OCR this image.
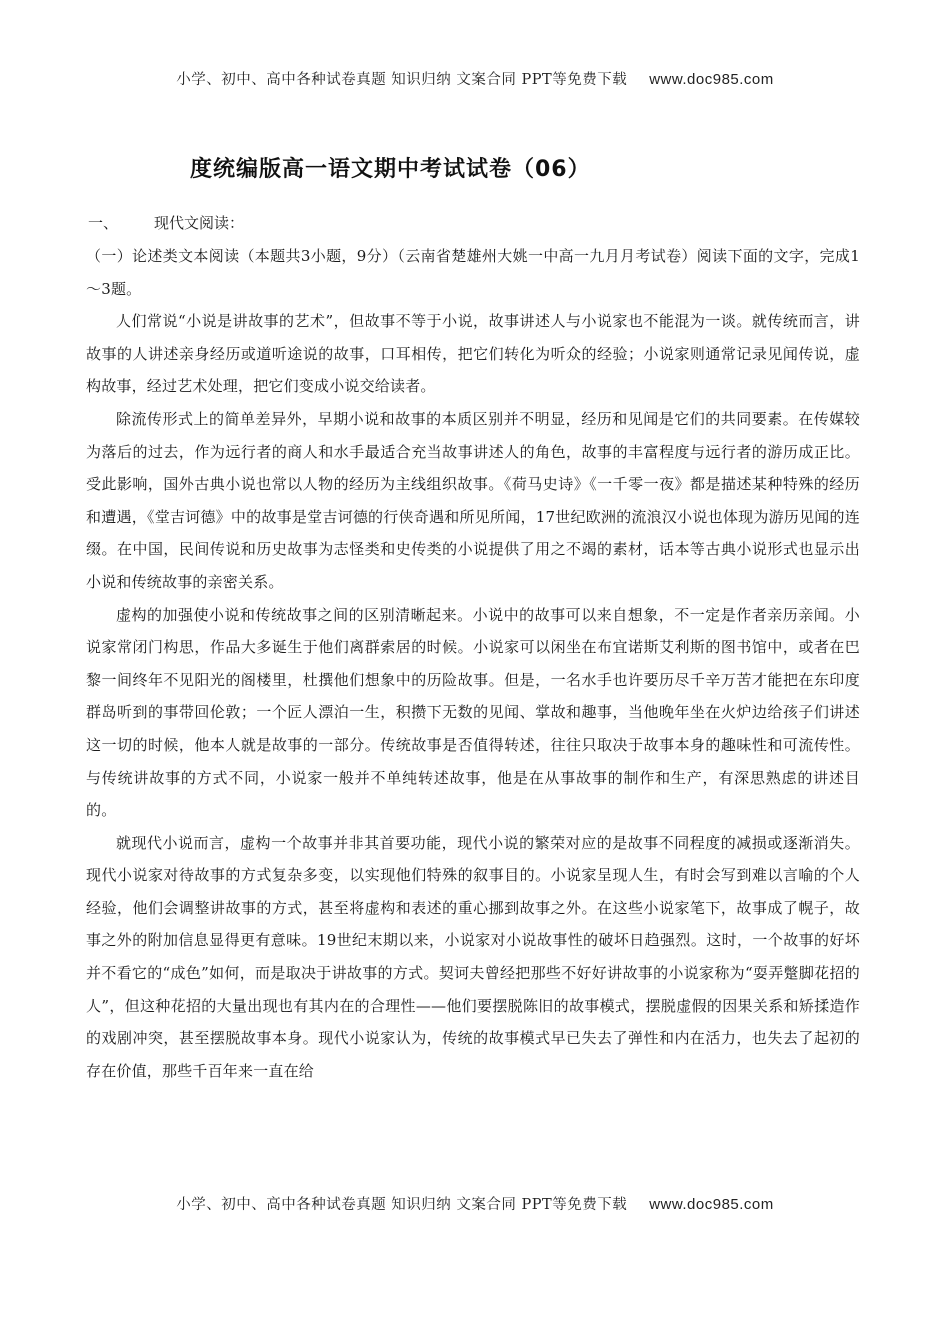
小学、初中、高中各种试卷真题 知识归纳 文案合同 PPT等免费下载 www.doc985.com
度统编版高一语文期中考试试卷（06）
一、 现代文阅读：

（一）论述类文本阅读（本题共3小题，9分）（云南省楚雄州大姚一中高一九月月考试卷）阅读下面的文字，完成1～3题。

人们常说“小说是讲故事的艺术”，但故事不等于小说，故事讲述人与小说家也不能混为一谈。就传统而言，讲故事的人讲述亲身经历或道听途说的故事，口耳相传，把它们转化为听众的经验；小说家则通常记录见闻传说，虚构故事，经过艺术处理，把它们变成小说交给读者。

除流传形式上的简单差异外，早期小说和故事的本质区别并不明显，经历和见闻是它们的共同要素。在传媒较为落后的过去，作为远行者的商人和水手最适合充当故事讲述人的角色，故事的丰富程度与远行者的游历成正比。受此影响，国外古典小说也常以人物的经历为主线组织故事。《荷马史诗》《一千零一夜》都是描述某种特殊的经历和遭遇，《堂吉诃德》中的故事是堂吉诃德的行侠奇遇和所见所闻，17世纪欧洲的流浪汉小说也体现为游历见闻的连缀。在中国，民间传说和历史故事为志怪类和史传类的小说提供了用之不竭的素材，话本等古典小说形式也显示出小说和传统故事的亲密关系。

虚构的加强使小说和传统故事之间的区别清晰起来。小说中的故事可以来自想象，不一定是作者亲历亲闻。小说家常闭门构思，作品大多诞生于他们离群索居的时候。小说家可以闲坐在布宜诺斯艾利斯的图书馆中，或者在巴黎一间终年不见阳光的阁楼里，杜撰他们想象中的历险故事。但是，一名水手也许要历尽千辛万苦才能把在东印度群岛听到的事带回伦敦；一个匠人漂泊一生，积攒下无数的见闻、掌故和趣事，当他晚年坐在火炉边给孩子们讲述这一切的时候，他本人就是故事的一部分。传统故事是否值得转述，往往只取决于故事本身的趣味性和可流传性。与传统讲故事的方式不同，小说家一般并不单纯转述故事，他是在从事故事的制作和生产，有深思熟虑的讲述目的。

就现代小说而言，虚构一个故事并非其首要功能，现代小说的繁荣对应的是故事不同程度的减损或逐渐消失。现代小说家对待故事的方式复杂多变，以实现他们特殊的叙事目的。小说家呈现人生，有时会写到难以言喻的个人经验，他们会调整讲故事的方式，甚至将虚构和表述的重心挪到故事之外。在这些小说家笔下，故事成了幌子，故事之外的附加信息显得更有意味。19世纪末期以来，小说家对小说故事性的破坏日趋强烈。这时，一个故事的好坏并不看它的“成色”如何，而是取决于讲故事的方式。契诃夫曾经把那些不好好讲故事的小说家称为“耍弄蹩脚花招的人”，但这种花招的大量出现也有其内在的合理性——他们要摆脱陈旧的故事模式，摆脱虚假的因果关系和矫揉造作的戏剧冲突，甚至摆脱故事本身。现代小说家认为，传统的故事模式早已失去了弹性和内在活力，也失去了起初的存在价值，那些千百年来一直在给

小学、初中、高中各种试卷真题 知识归纳 文案合同 PPT等免费下载 www.doc985.com
